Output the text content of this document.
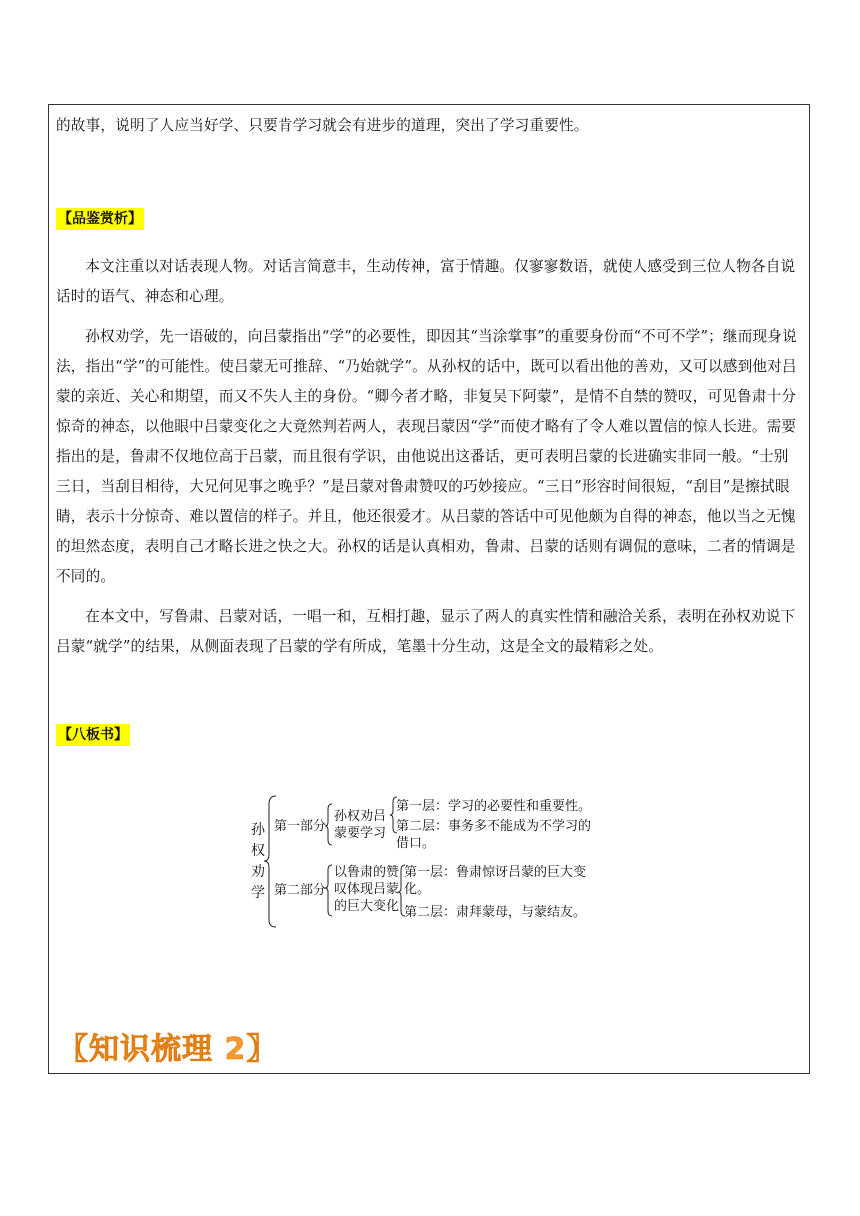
的故事，说明了人应当好学、只要肯学习就会有进步的道理，突出了学习重要性。

【品鉴赏析】

本文注重以对话表现人物。对话言简意丰，生动传神，富于情趣。仅寥寥数语，就使人感受到三位人物各自说话时的语气、神态和心理。

孙权劝学，先一语破的，向吕蒙指出“学”的必要性，即因其“当涂掌事”的重要身份而“不可不学”；继而现身说法，指出“学”的可能性。使吕蒙无可推辞、“乃始就学”。从孙权的话中，既可以看出他的善劝，又可以感到他对吕蒙的亲近、关心和期望，而又不失人主的身份。“卿今者才略，非复吴下阿蒙”，是情不自禁的赞叹，可见鲁肃十分惊奇的神态，以他眼中吕蒙变化之大竟然判若两人，表现吕蒙因“学”而使才略有了令人难以置信的惊人长进。需要指出的是，鲁肃不仅地位高于吕蒙，而且很有学识，由他说出这番话，更可表明吕蒙的长进确实非同一般。“士别三日，当刮目相待，大兄何见事之晚乎？”是吕蒙对鲁肃赞叹的巧妙接应。“三日”形容时间很短，“刮目”是擦拭眼睛，表示十分惊奇、难以置信的样子。并且，他还很爱才。从吕蒙的答话中可见他颇为自得的神态，他以当之无愧的坦然态度，表明自己才略长进之快之大。孙权的话是认真相劝，鲁肃、吕蒙的话则有调侃的意味，二者的情调是不同的。

在本文中，写鲁肃、吕蒙对话，一唱一和，互相打趣，显示了两人的真实性情和融洽关系，表明在孙权劝说下吕蒙“就学”的结果，从侧面表现了吕蒙的学有所成，笔墨十分生动，这是全文的最精彩之处。

【八板书】
孙
权
劝
学
第一部分
孙权劝吕蒙要学习
第一层：学习的必要性和重要性。
第二层：事务多不能成为不学习的借口。
第二部分
以鲁肃的赞叹体现吕蒙的巨大变化
第一层：鲁肃惊讶吕蒙的巨大变化。
第二层：肃拜蒙母，与蒙结友。
〖知识梳理 2〗
